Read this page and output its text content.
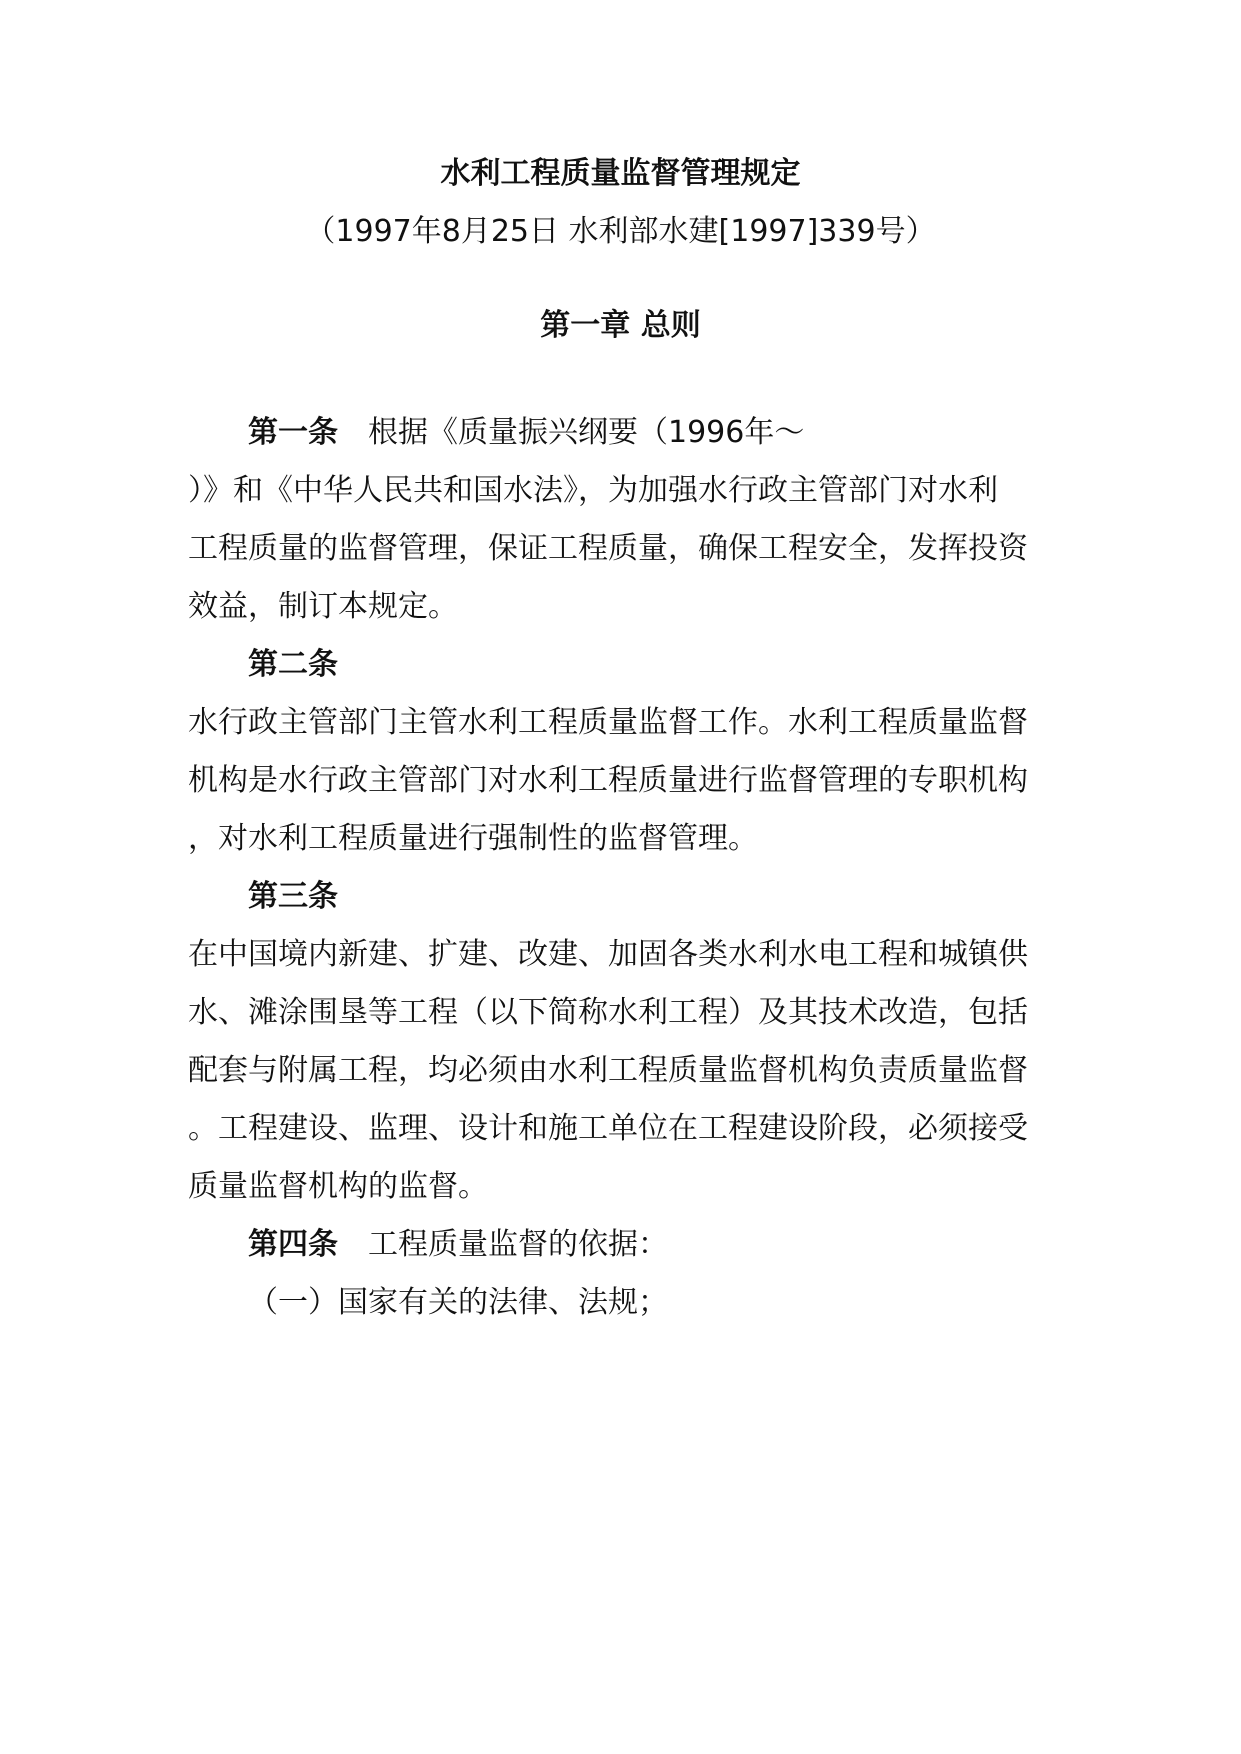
水利工程质量监督管理规定
（1997年8月25日 水利部水建[1997]339号）
第一章 总则
第一条 根据《质量振兴纲要（1996年～
）》和《中华人民共和国水法》，为加强水行政主管部门对水利
工程质量的监督管理，保证工程质量，确保工程安全，发挥投资
效益，制订本规定。
第二条
水行政主管部门主管水利工程质量监督工作。水利工程质量监督
机构是水行政主管部门对水利工程质量进行监督管理的专职机构
，对水利工程质量进行强制性的监督管理。
第三条
在中国境内新建、扩建、改建、加固各类水利水电工程和城镇供
水、滩涂围垦等工程（以下简称水利工程）及其技术改造，包括
配套与附属工程，均必须由水利工程质量监督机构负责质量监督
。工程建设、监理、设计和施工单位在工程建设阶段，必须接受
质量监督机构的监督。
第四条 工程质量监督的依据：
（一）国家有关的法律、法规；
